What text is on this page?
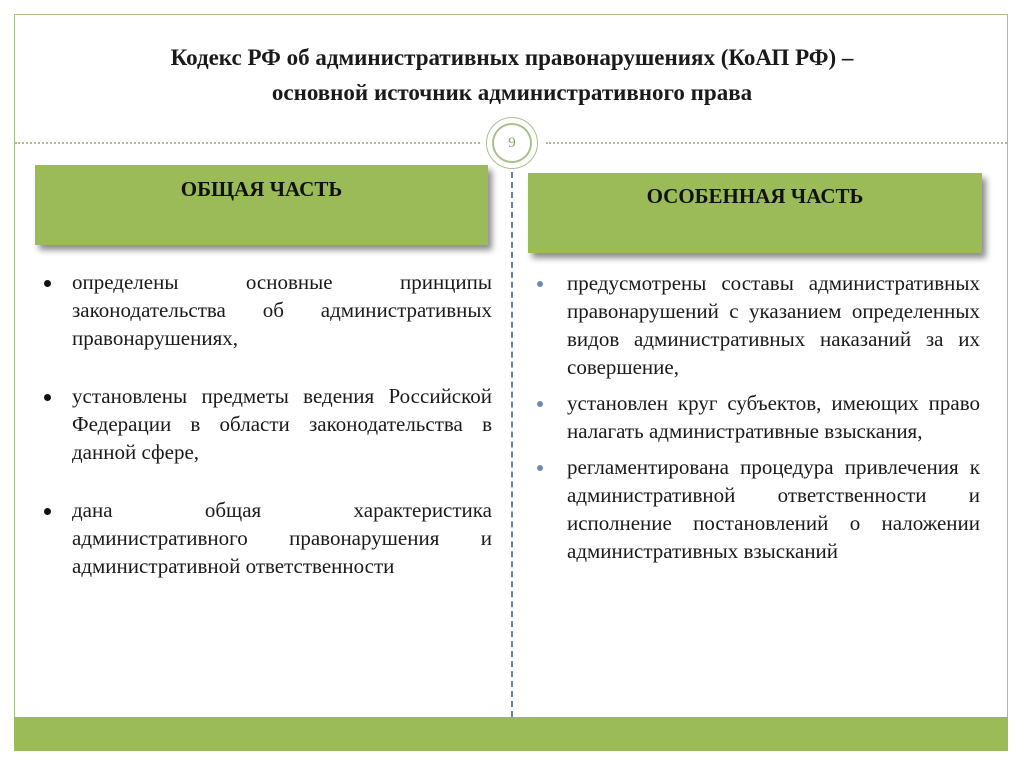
Кодекс РФ об административных правонарушениях (КоАП РФ) –
основной источник административного права
9
ОБЩАЯ ЧАСТЬ	ОСОБЕННАЯ ЧАСТЬ
определены основные принципы законодательства об административных правонарушениях,
установлены предметы ведения Российской Федерации в области законодательства в данной сфере,
дана общая характеристика административного правонарушения и административной ответственности
предусмотрены составы административных правонарушений с указанием определенных видов административных наказаний за их совершение,
установлен круг субъектов, имеющих право налагать административные взыскания,
регламентирована процедура привлечения к административной ответственности и исполнение постановлений о наложении административных взысканий
